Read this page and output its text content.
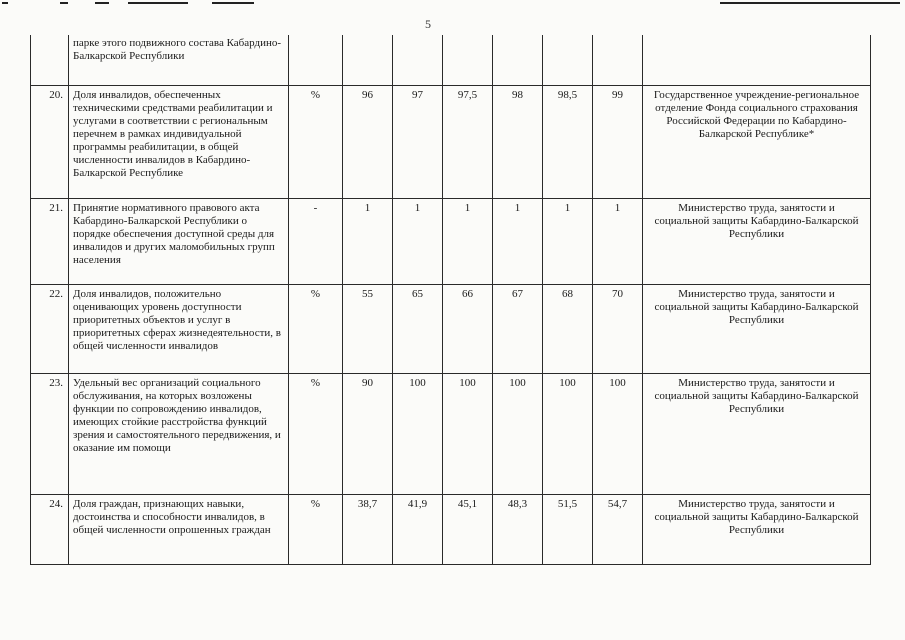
5
	парке этого подвижного состава Кабардино-Балкарской Республики								
20.	Доля инвалидов, обеспеченных техническими средствами реабилитации и услугами в соответствии с региональным перечнем в рамках индивидуальной программы реабилитации, в общей численности инвалидов в Кабардино-Балкарской Республике	%	96	97	97,5	98	98,5	99	Государственное учреждение-региональное отделение Фонда социального страхования Российской Федерации по Кабардино-Балкарской Республике*
21.	Принятие нормативного правового акта Кабардино-Балкарской Республики о порядке обеспечения доступной среды для инвалидов и других маломобильных групп населения	-	1	1	1	1	1	1	Министерство труда, занятости и социальной защиты Кабардино-Балкарской Республики
22.	Доля инвалидов, положительно оценивающих уровень доступности приоритетных объектов и услуг в приоритетных сферах жизнедеятельности, в общей численности инвалидов	%	55	65	66	67	68	70	Министерство труда, занятости и социальной защиты Кабардино-Балкарской Республики
23.	Удельный вес организаций социального обслуживания, на которых возложены функции по сопровождению инвалидов, имеющих стойкие расстройства функций зрения и самостоятельного передвижения, и оказание им помощи	%	90	100	100	100	100	100	Министерство труда, занятости и социальной защиты Кабардино-Балкарской Республики
24.	Доля граждан, признающих навыки, достоинства и способности инвалидов, в общей численности опрошенных граждан	%	38,7	41,9	45,1	48,3	51,5	54,7	Министерство труда, занятости и социальной защиты Кабардино-Балкарской Республики
